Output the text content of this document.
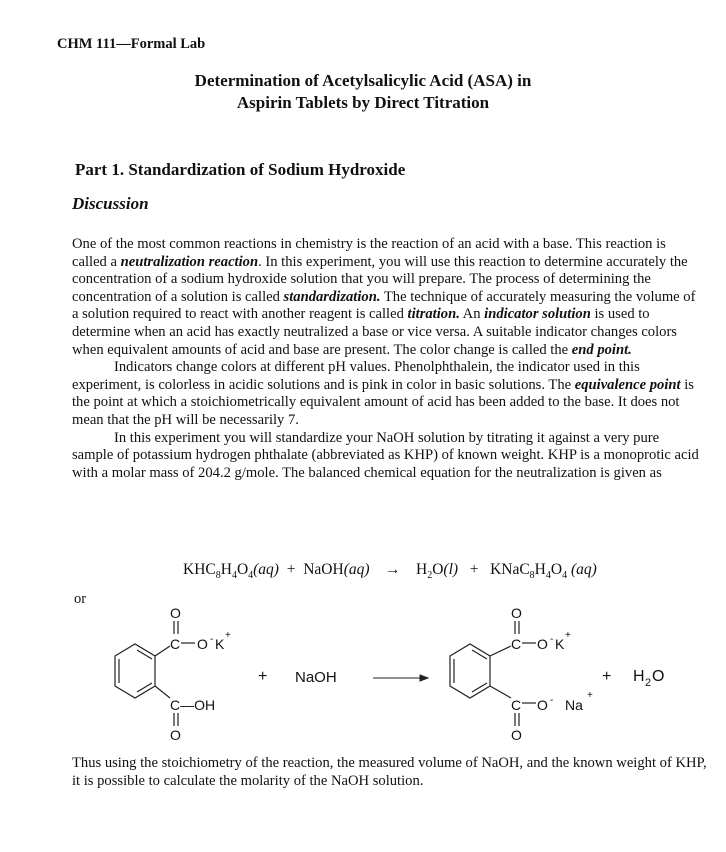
CHM 111—Formal Lab
Determination of Acetylsalicylic Acid (ASA) in
Aspirin Tablets by Direct Titration
Part 1. Standardization of Sodium Hydroxide
Discussion

One of the most common reactions in chemistry is the reaction of an acid with a base. This reaction is called a neutralization reaction. In this experiment, you will use this reaction to determine accurately the concentration of a sodium hydroxide solution that you will prepare. The process of determining the concentration of a solution is called standardization. The technique of accurately measuring the volume of a solution required to react with another reagent is called titration. An indicator solution is used to determine when an acid has exactly neutralized a base or vice versa. A suitable indicator changes colors when equivalent amounts of acid and base are present. The color change is called the end point.

Indicators change colors at different pH values. Phenolphthalein, the indicator used in this experiment, is colorless in acidic solutions and is pink in color in basic solutions. The equivalence point is the point at which a stoichiometrically equivalent amount of acid has been added to the base. It does not mean that the pH will be necessarily 7.

In this experiment you will standardize your NaOH solution by titrating it against a very pure sample of potassium hydrogen phthalate (abbreviated as KHP) of known weight. KHP is a monoprotic acid with a molar mass of 204.2 g/mole. The balanced chemical equation for the neutralization is given as

$KHC_8H_4O_4(aq)$ + NaOH(aq) → $H_2O(l)$ + $KNaC_8H_4O_4$ (aq)
or
O
C O - K
+
C—OH
O
+ NaOH
O
C O - K
+
C O - Na
+
O
+ H 2 O
Thus using the stoichiometry of the reaction, the measured volume of NaOH, and the known weight of KHP, it is possible to calculate the molarity of the NaOH solution.
